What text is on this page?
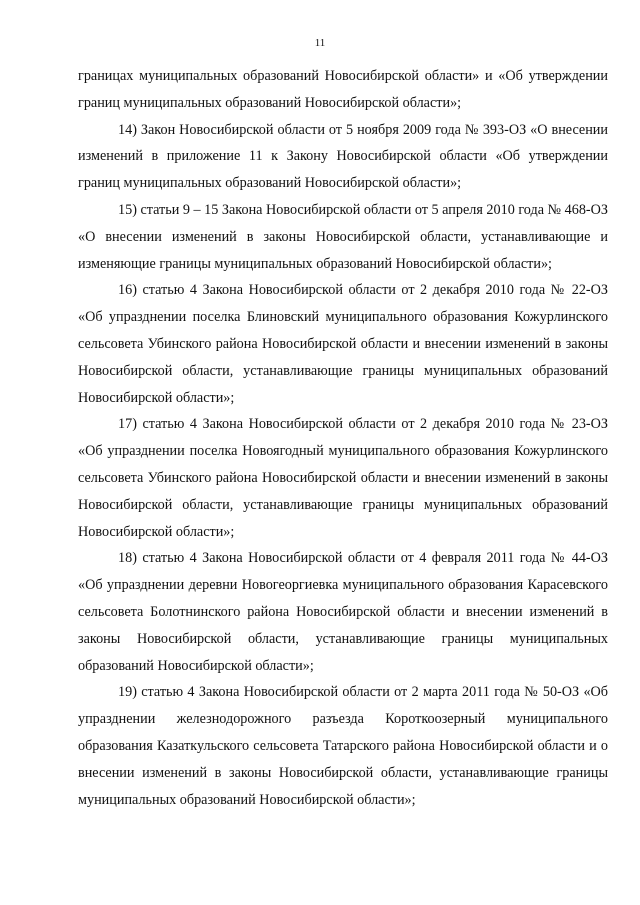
11

границах муниципальных образований Новосибирской области» и «Об утверждении границ муниципальных образований Новосибирской области»;

14) Закон Новосибирской области от 5 ноября 2009 года № 393-ОЗ «О внесении изменений в приложение 11 к Закону Новосибирской области «Об утверждении границ муниципальных образований Новосибирской области»;

15) статьи 9 – 15 Закона Новосибирской области от 5 апреля 2010 года № 468-ОЗ «О внесении изменений в законы Новосибирской области, устанавливающие и изменяющие границы муниципальных образований Новосибирской области»;

16) статью 4 Закона Новосибирской области от 2 декабря 2010 года № 22-ОЗ «Об упразднении поселка Блиновский муниципального образования Кожурлинского сельсовета Убинского района Новосибирской области и внесении изменений в законы Новосибирской области, устанавливающие границы муниципальных образований Новосибирской области»;

17) статью 4 Закона Новосибирской области от 2 декабря 2010 года № 23-ОЗ «Об упразднении поселка Новоягодный муниципального образования Кожурлинского сельсовета Убинского района Новосибирской области и внесении изменений в законы Новосибирской области, устанавливающие границы муниципальных образований Новосибирской области»;

18) статью 4 Закона Новосибирской области от 4 февраля 2011 года № 44-ОЗ «Об упразднении деревни Новогеоргиевка муниципального образования Карасевского сельсовета Болотнинского района Новосибирской области и внесении изменений в законы Новосибирской области, устанавливающие границы муниципальных образований Новосибирской области»;

19) статью 4 Закона Новосибирской области от 2 марта 2011 года № 50-ОЗ «Об упразднении железнодорожного разъезда Короткоозерный муниципального образования Казаткульского сельсовета Татарского района Новосибирской области и о внесении изменений в законы Новосибирской области, устанавливающие границы муниципальных образований Новосибирской области»;
